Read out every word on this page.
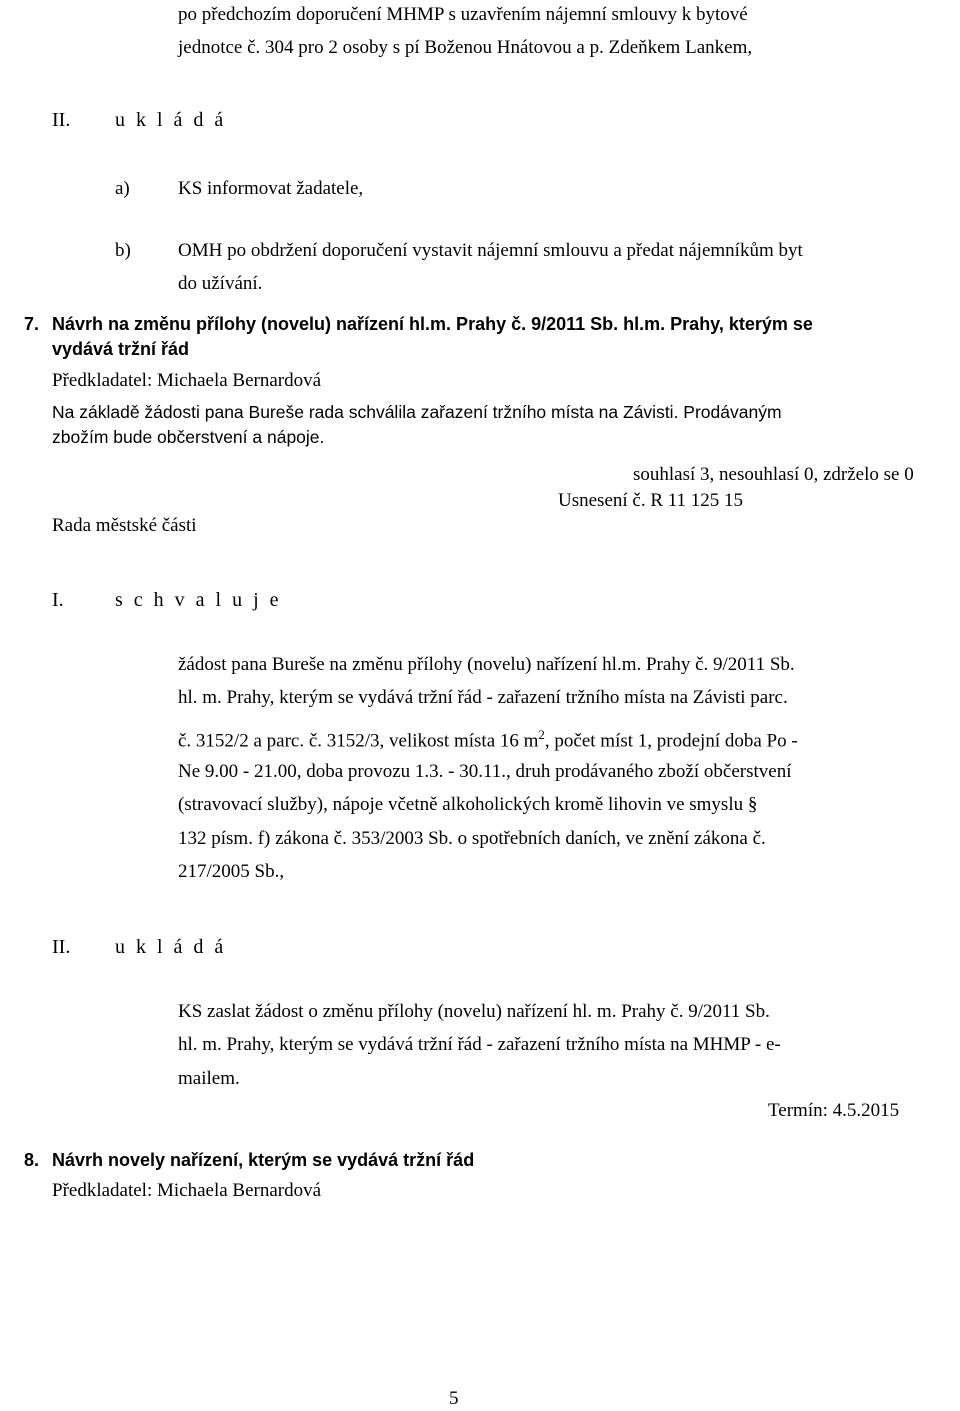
po předchozím doporučení MHMP s uzavřením nájemní smlouvy k bytové
jednotce č. 304 pro 2 osoby s pí Boženou Hnátovou a p. Zdeňkem Lankem,
II. u k l á d á
a)	KS informovat žadatele,
b) OMH po obdržení doporučení vystavit nájemní smlouvu a předat nájemníkům byt
do užívání.
7. Návrh na změnu přílohy (novelu) nařízení hl.m. Prahy č. 9/2011 Sb. hl.m. Prahy, kterým se
vydává tržní řád
Předkladatel: Michaela Bernardová
Na základě žádosti pana Bureše rada schválila zařazení tržního místa na Závisti. Prodávaným
zbožím bude občerstvení a nápoje.
souhlasí 3, nesouhlasí 0, zdrželo se 0
Usnesení č. R 11 125 15
Rada městské části
I.	s c h v a l u j e
žádost pana Bureše na změnu přílohy (novelu) nařízení hl.m. Prahy č. 9/2011 Sb.
hl. m. Prahy, kterým se vydává tržní řád - zařazení tržního místa na Závisti parc.
č. 3152/2 a parc. č. 3152/3, velikost místa 16 $m^2$, počet míst 1, prodejní doba Po -
Ne 9.00 - 21.00, doba provozu 1.3. - 30.11., druh prodávaného zboží občerstvení
(stravovací služby), nápoje včetně alkoholických kromě lihovin ve smyslu §
132 písm. f) zákona č. 353/2003 Sb. o spotřebních daních, ve znění zákona č.
217/2005 Sb.,
II. u k l á d á
KS zaslat žádost o změnu přílohy (novelu) nařízení hl. m. Prahy č. 9/2011 Sb.
hl. m. Prahy, kterým se vydává tržní řád - zařazení tržního místa na MHMP - e-
mailem.
Termín: 4.5.2015
8. Návrh novely nařízení, kterým se vydává tržní řád
Předkladatel: Michaela Bernardová
5
